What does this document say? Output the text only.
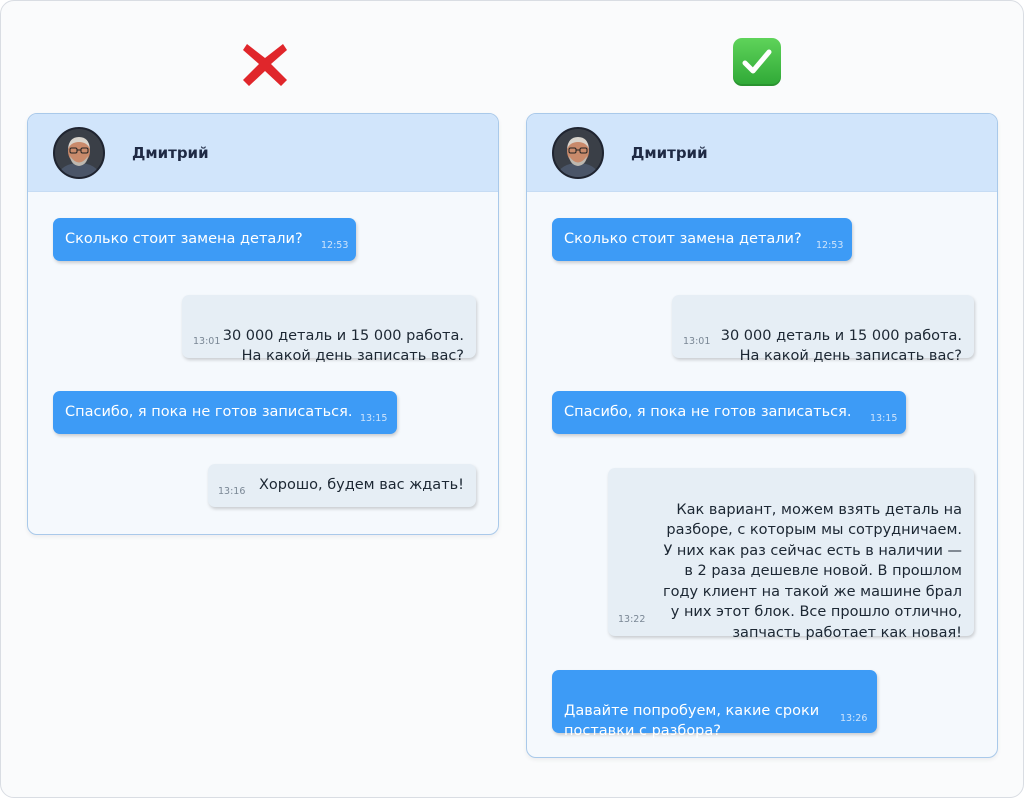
Дмитрий
Сколько стоит замена детали?	12:53

30 000 деталь и 15 000 работа.
На какой день записать вас?

13:01

Спасибо, я пока не готов записаться. 13:15
Хорошо, будем вас ждать!
13:16
Дмитрий
Сколько стоит замена детали?	12:53

30 000 деталь и 15 000 работа.
На какой день записать вас?

13:01

Спасибо, я пока не готов записаться.	13:15

Как вариант, можем взять деталь на
разборе, с которым мы сотрудничаем.
У них как раз сейчас есть в наличии —
в 2 раза дешевле новой. В прошлом
году клиент на такой же машине брал
у них этот блок. Все прошло отлично,
запчасть работает как новая!

13:22

Давайте попробуем, какие сроки
поставки с разбора?

13:26
